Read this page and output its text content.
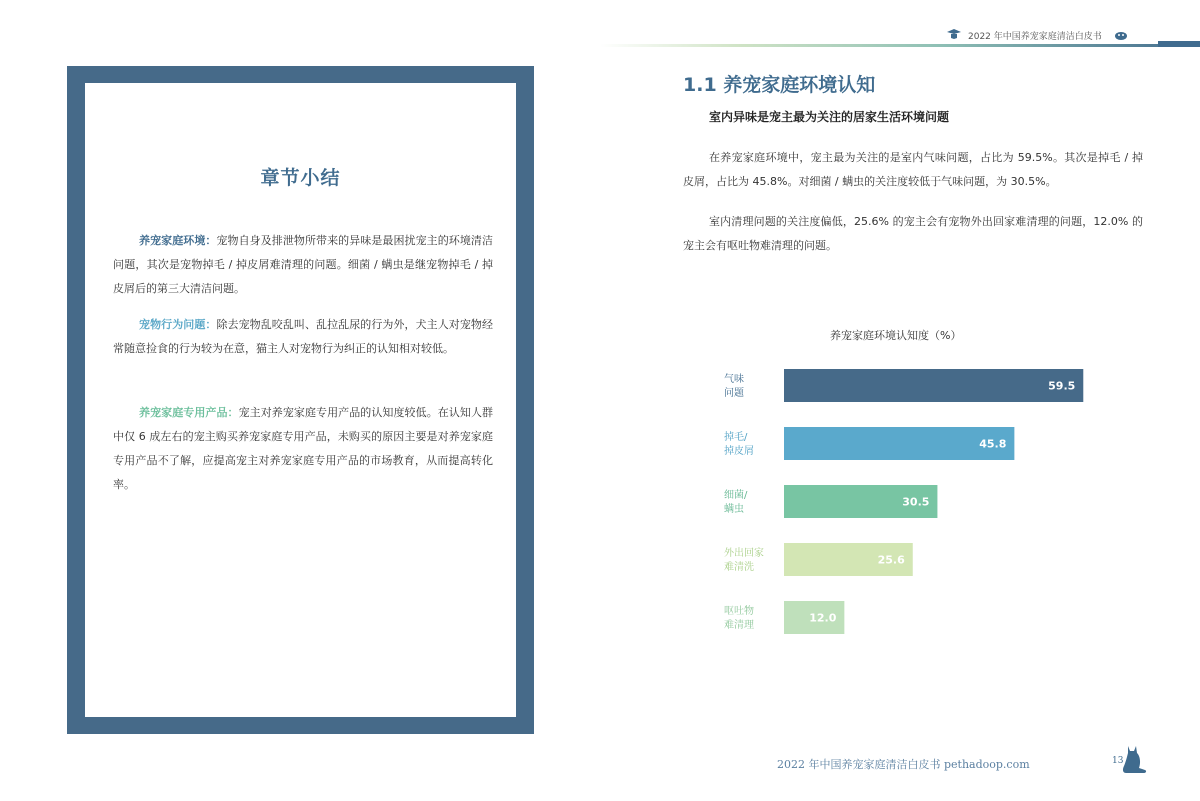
章节小结
养宠家庭环境：宠物自身及排泄物所带来的异味是最困扰宠主的环境清洁问题，其次是宠物掉毛 / 掉皮屑难清理的问题。细菌 / 螨虫是继宠物掉毛 / 掉皮屑后的第三大清洁问题。
宠物行为问题：除去宠物乱咬乱叫、乱拉乱尿的行为外，犬主人对宠物经常随意捡食的行为较为在意，猫主人对宠物行为纠正的认知相对较低。
养宠家庭专用产品：宠主对养宠家庭专用产品的认知度较低。在认知人群中仅 6 成左右的宠主购买养宠家庭专用产品，未购买的原因主要是对养宠家庭专用产品不了解，应提高宠主对养宠家庭专用产品的市场教育，从而提高转化率。
2022 年中国养宠家庭清洁白皮书
1.1 养宠家庭环境认知
室内异味是宠主最为关注的居家生活环境问题
在养宠家庭环境中，宠主最为关注的是室内气味问题，占比为 59.5%。其次是掉毛 / 掉皮屑，占比为 45.8%。对细菌 / 螨虫的关注度较低于气味问题，为 30.5%。
室内清理问题的关注度偏低，25.6% 的宠主会有宠物外出回家难清理的问题，12.0% 的宠主会有呕吐物难清理的问题。
养宠家庭环境认知度（%）
59.5
气味
问题
45.8
掉毛/
掉皮屑
30.5
细菌/
螨虫
25.6
外出回家
难清洗
12.0
呕吐物
难清理
2022 年中国养宠家庭清洁白皮书 pethadoop.com	13
